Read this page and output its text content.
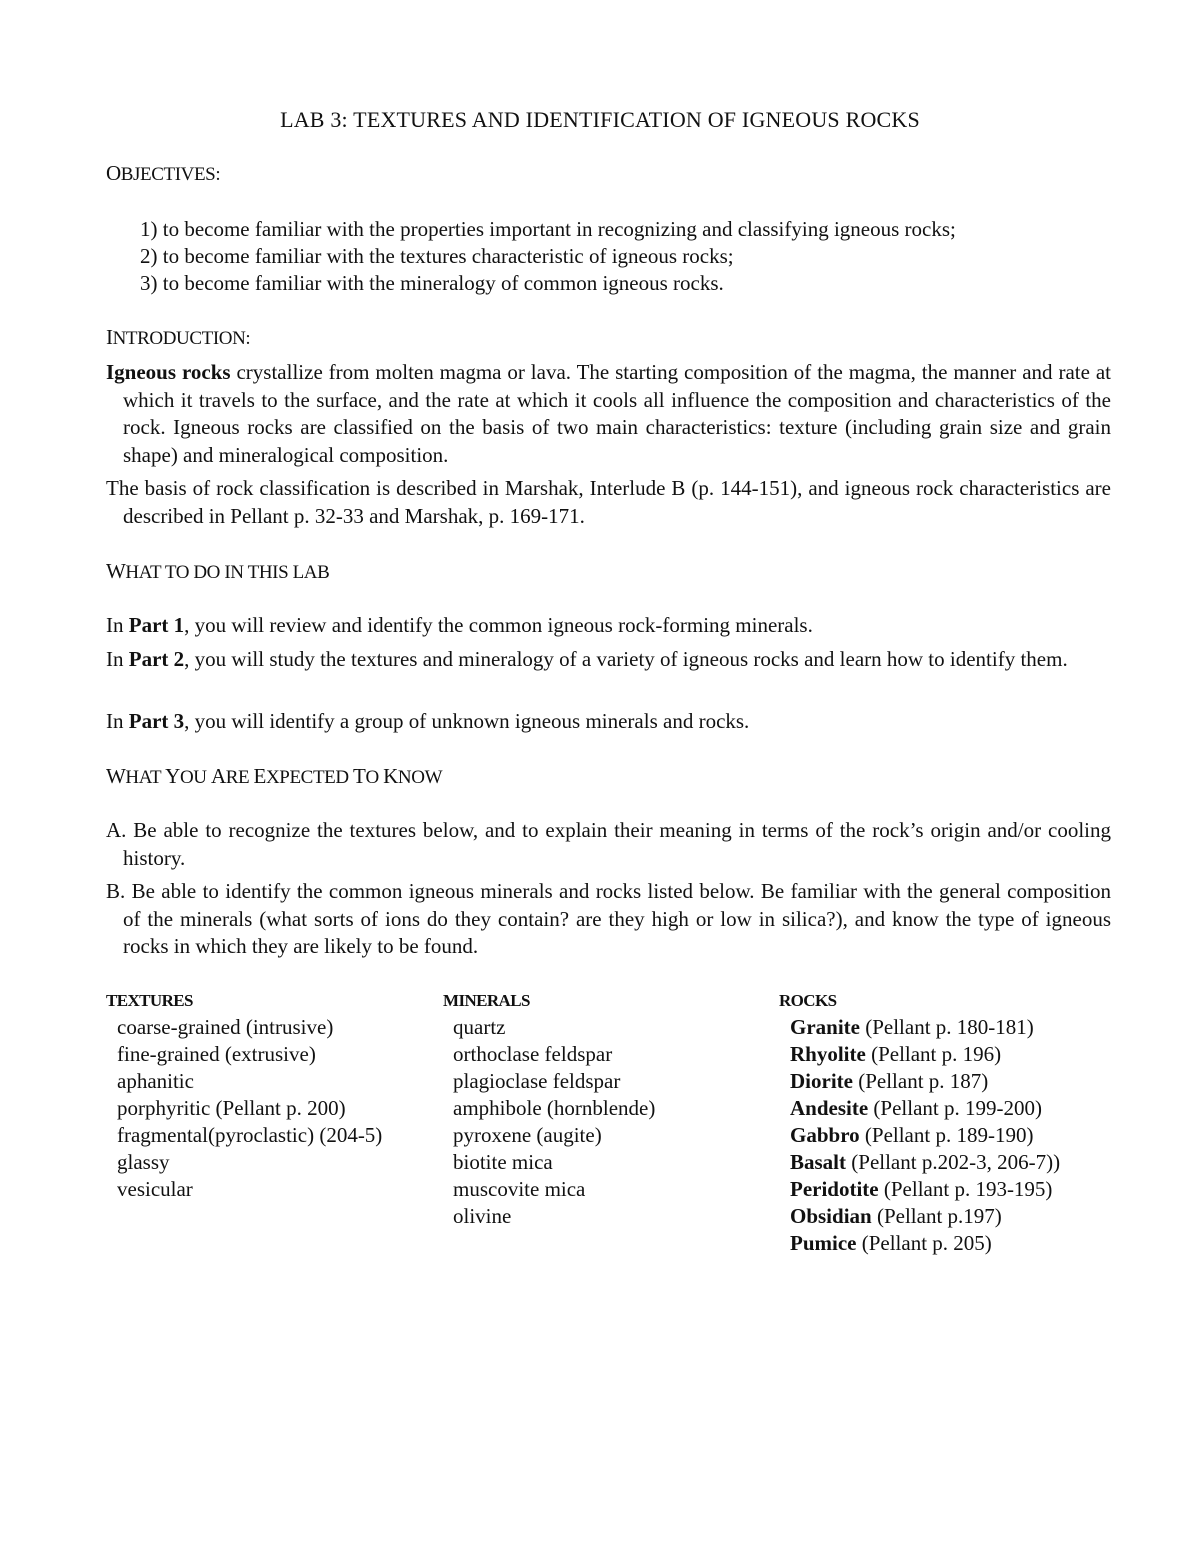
LAB 3: TEXTURES AND IDENTIFICATION OF IGNEOUS ROCKS
OBJECTIVES:
1) to become familiar with the properties important in recognizing and classifying igneous rocks;
2) to become familiar with the textures characteristic of igneous rocks;
3) to become familiar with the mineralogy of common igneous rocks.
INTRODUCTION:
Igneous rocks crystallize from molten magma or lava. The starting composition of the magma, the manner and rate at which it travels to the surface, and the rate at which it cools all influence the composition and characteristics of the rock. Igneous rocks are classified on the basis of two main characteristics: texture (including grain size and grain shape) and mineralogical composition.
The basis of rock classification is described in Marshak, Interlude B (p. 144-151), and igneous rock characteristics are described in Pellant p. 32-33 and Marshak, p. 169-171.
WHAT TO DO IN THIS LAB
In Part 1, you will review and identify the common igneous rock-forming minerals.
In Part 2, you will study the textures and mineralogy of a variety of igneous rocks and learn how to identify them.
In Part 3, you will identify a group of unknown igneous minerals and rocks.
WHAT YOU ARE EXPECTED TO KNOW
A. Be able to recognize the textures below, and to explain their meaning in terms of the rock’s origin and/or cooling history.
B. Be able to identify the common igneous minerals and rocks listed below. Be familiar with the general composition of the minerals (what sorts of ions do they contain? are they high or low in silica?), and know the type of igneous rocks in which they are likely to be found.
TEXTURES	MINERALS	ROCKS
coarse-grained (intrusive)
fine-grained (extrusive)
aphanitic
porphyritic (Pellant p. 200)
fragmental(pyroclastic) (204-5)
glassy
vesicular
quartz
orthoclase feldspar
plagioclase feldspar
amphibole (hornblende)
pyroxene (augite)
biotite mica
muscovite mica
olivine
Granite (Pellant p. 180-181)
Rhyolite (Pellant p. 196)
Diorite (Pellant p. 187)
Andesite (Pellant p. 199-200)
Gabbro (Pellant p. 189-190)
Basalt (Pellant p.202-3, 206-7))
Peridotite (Pellant p. 193-195)
Obsidian (Pellant p.197)
Pumice (Pellant p. 205)
